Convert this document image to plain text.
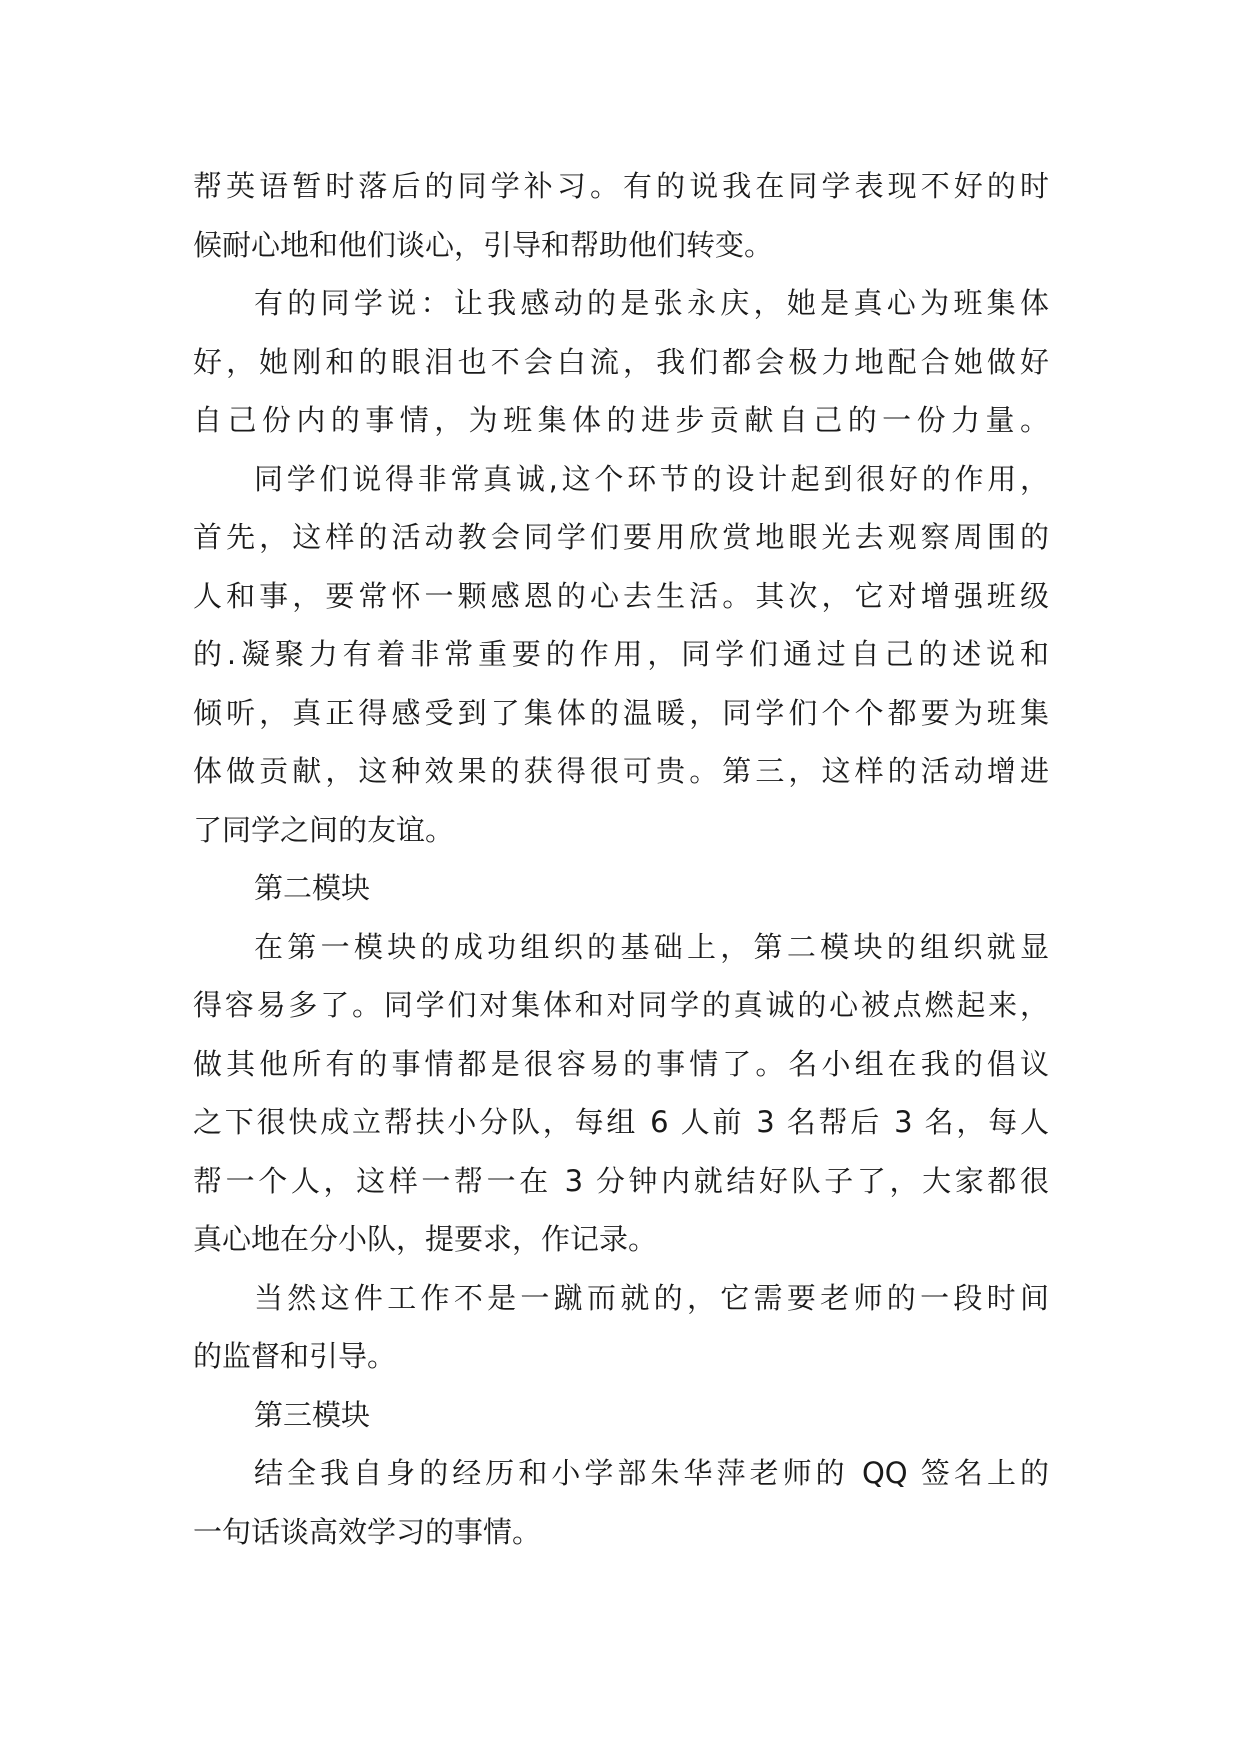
帮英语暂时落后的同学补习。有的说我在同学表现不好的时
候耐心地和他们谈心，引导和帮助他们转变。
有的同学说：让我感动的是张永庆，她是真心为班集体
好，她刚和的眼泪也不会白流，我们都会极力地配合她做好
自己份内的事情，为班集体的进步贡献自己的一份力量。
同学们说得非常真诚,这个环节的设计起到很好的作用，
首先，这样的活动教会同学们要用欣赏地眼光去观察周围的
人和事，要常怀一颗感恩的心去生活。其次，它对增强班级
的.凝聚力有着非常重要的作用，同学们通过自己的述说和
倾听，真正得感受到了集体的温暖，同学们个个都要为班集
体做贡献，这种效果的获得很可贵。第三，这样的活动增进
了同学之间的友谊。
第二模块
在第一模块的成功组织的基础上，第二模块的组织就显
得容易多了。同学们对集体和对同学的真诚的心被点燃起来，
做其他所有的事情都是很容易的事情了。名小组在我的倡议
之下很快成立帮扶小分队，每组 6 人前 3 名帮后 3 名，每人
帮一个人，这样一帮一在 3 分钟内就结好队子了，大家都很
真心地在分小队，提要求，作记录。
当然这件工作不是一蹴而就的，它需要老师的一段时间
的监督和引导。
第三模块
结全我自身的经历和小学部朱华萍老师的 QQ 签名上的
一句话谈高效学习的事情。
